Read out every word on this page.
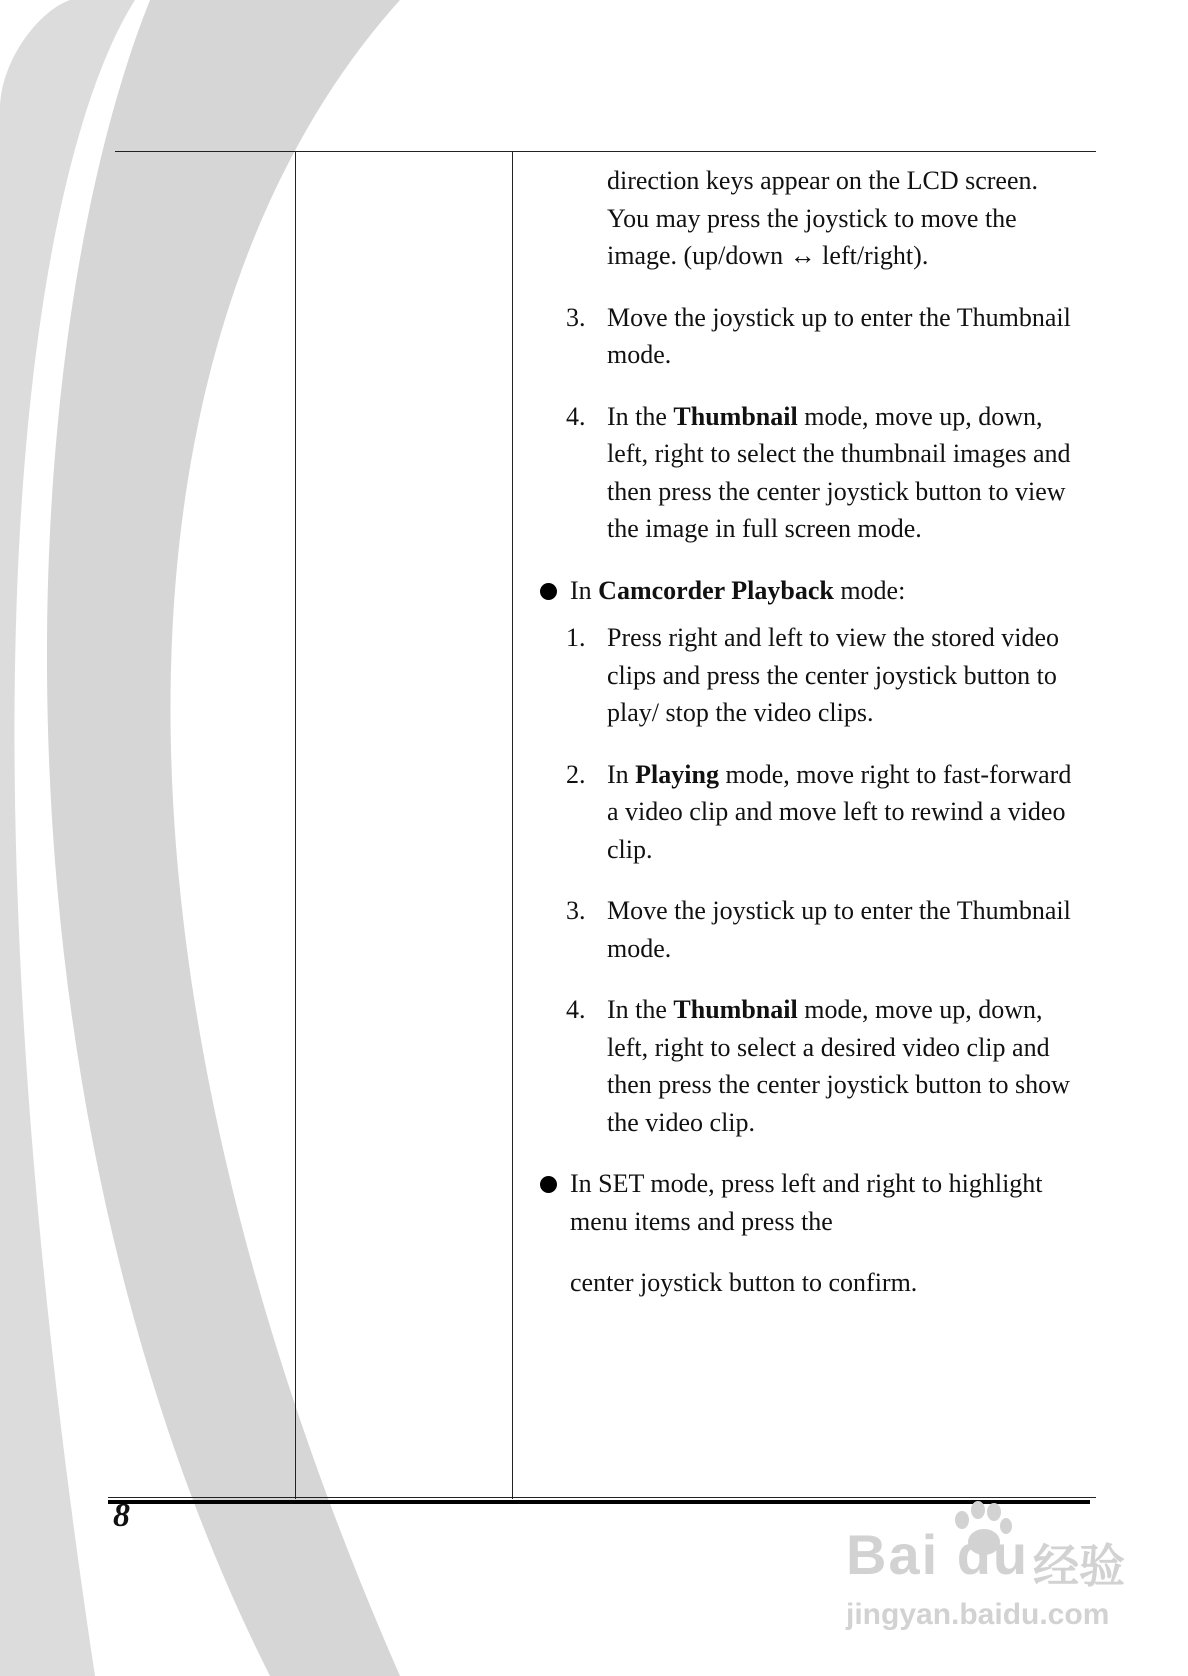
direction keys appear on the LCD screen. You may press the joystick to move the image. (up/down ↔ left/right).
3. Move the joystick up to enter the Thumbnail mode.
4. In the Thumbnail mode, move up, down, left, right to select the thumbnail images and then press the center joystick button to view the image in full screen mode.
In Camcorder Playback mode:
1. Press right and left to view the stored video clips and press the center joystick button to play/ stop the video clips.
2. In Playing mode, move right to fast-forward a video clip and move left to rewind a video clip.
3. Move the joystick up to enter the Thumbnail mode.
4. In the Thumbnail mode, move up, down, left, right to select a desired video clip and then press the center joystick button to show the video clip.
In SET mode, press left and right to highlight menu items and press the
center joystick button to confirm.
8
Bai du 经验
jingyan.baidu.com
